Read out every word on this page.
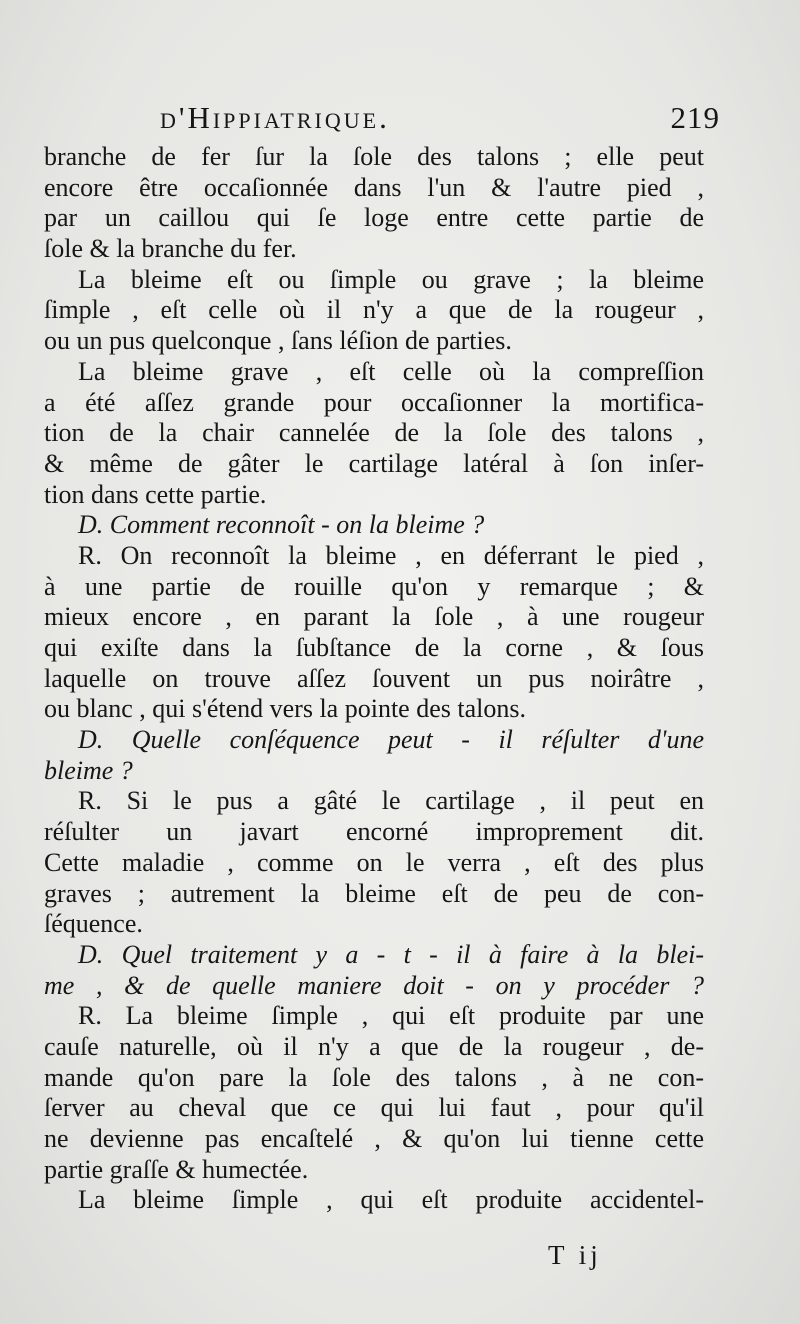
d'Hippiatrique.	219
branche de fer ſur la ſole des talons ; elle peut
encore être occaſionnée dans l'un & l'autre pied ,
par un caillou qui ſe loge entre cette partie de
ſole & la branche du fer.
La bleime eſt ou ſimple ou grave ; la bleime
ſimple , eſt celle où il n'y a que de la rougeur ,
ou un pus quelconque , ſans léſion de parties.
La bleime grave , eſt celle où la compreſſion
a été aſſez grande pour occaſionner la mortifica-
tion de la chair cannelée de la ſole des talons ,
& même de gâter le cartilage latéral à ſon inſer-
tion dans cette partie.
D. Comment reconnoît - on la bleime ?
R. On reconnoît la bleime , en déferrant le pied ,
à une partie de rouille qu'on y remarque ; &
mieux encore , en parant la ſole , à une rougeur
qui exiſte dans la ſubſtance de la corne , & ſous
laquelle on trouve aſſez ſouvent un pus noirâtre ,
ou blanc , qui s'étend vers la pointe des talons.
D. Quelle conſéquence peut - il réſulter d'une
bleime ?
R. Si le pus a gâté le cartilage , il peut en
réſulter un javart encorné improprement dit.
Cette maladie , comme on le verra , eſt des plus
graves ; autrement la bleime eſt de peu de con-
ſéquence.
D. Quel traitement y a - t - il à faire à la blei-
me , & de quelle maniere doit - on y procéder ?
R. La bleime ſimple , qui eſt produite par une
cauſe naturelle, où il n'y a que de la rougeur , de-
mande qu'on pare la ſole des talons , à ne con-
ſerver au cheval que ce qui lui faut , pour qu'il
ne devienne pas encaſtelé , & qu'on lui tienne cette
partie graſſe & humectée.
La bleime ſimple , qui eſt produite accidentel-
T ij
